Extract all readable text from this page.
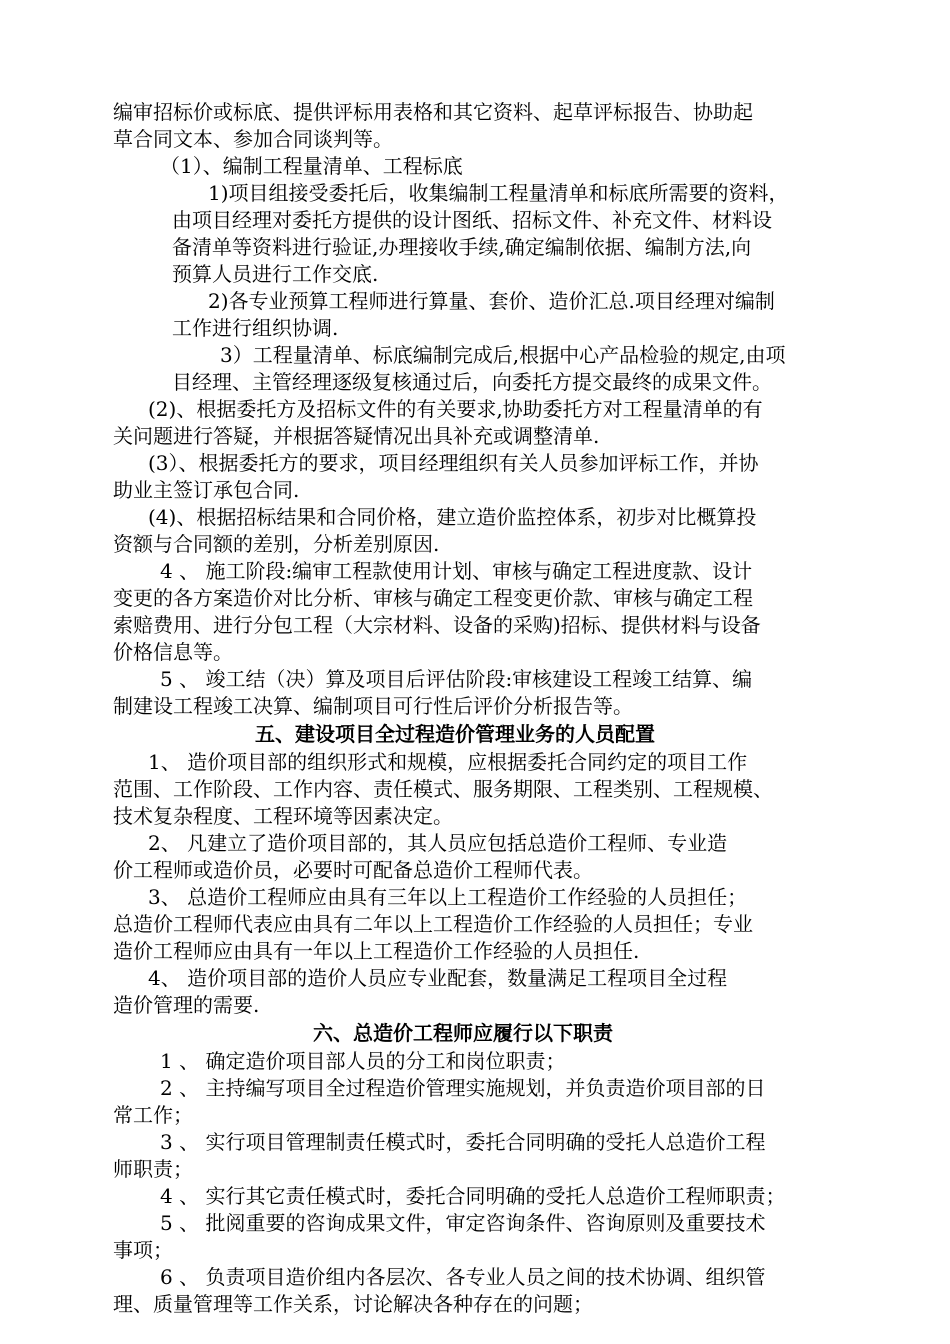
编审招标价或标底、提供评标用表格和其它资料、起草评标报告、协助起
草合同文本、参加合同谈判等。
（1）、编制工程量清单、工程标底
1)项目组接受委托后，收集编制工程量清单和标底所需要的资料，
由项目经理对委托方提供的设计图纸、招标文件、补充文件、材料设
备清单等资料进行验证,办理接收手续,确定编制依据、编制方法,向
预算人员进行工作交底.
2)各专业预算工程师进行算量、套价、造价汇总.项目经理对编制
工作进行组织协调.
3）工程量清单、标底编制完成后,根据中心产品检验的规定,由项
目经理、主管经理逐级复核通过后，向委托方提交最终的成果文件。
(2)、根据委托方及招标文件的有关要求,协助委托方对工程量清单的有
关问题进行答疑，并根据答疑情况出具补充或调整清单.
(3）、根据委托方的要求，项目经理组织有关人员参加评标工作，并协
助业主签订承包合同.
(4)、根据招标结果和合同价格，建立造价监控体系，初步对比概算投
资额与合同额的差别，分析差别原因.
4 、 施工阶段:编审工程款使用计划、审核与确定工程进度款、设计
变更的各方案造价对比分析、审核与确定工程变更价款、审核与确定工程
索赔费用、进行分包工程（大宗材料、设备的采购)招标、提供材料与设备
价格信息等。
5 、 竣工结（决）算及项目后评估阶段:审核建设工程竣工结算、编
制建设工程竣工决算、编制项目可行性后评价分析报告等。
五、建设项目全过程造价管理业务的人员配置
1、 造价项目部的组织形式和规模，应根据委托合同约定的项目工作
范围、工作阶段、工作内容、责任模式、服务期限、工程类别、工程规模、
技术复杂程度、工程环境等因素决定。
2、 凡建立了造价项目部的，其人员应包括总造价工程师、专业造
价工程师或造价员，必要时可配备总造价工程师代表。
3、 总造价工程师应由具有三年以上工程造价工作经验的人员担任；
总造价工程师代表应由具有二年以上工程造价工作经验的人员担任；专业
造价工程师应由具有一年以上工程造价工作经验的人员担任.
4、 造价项目部的造价人员应专业配套，数量满足工程项目全过程
造价管理的需要.
六、总造价工程师应履行以下职责
1 、 确定造价项目部人员的分工和岗位职责；
2 、 主持编写项目全过程造价管理实施规划，并负责造价项目部的日
常工作；
3 、 实行项目管理制责任模式时，委托合同明确的受托人总造价工程
师职责；
4 、 实行其它责任模式时，委托合同明确的受托人总造价工程师职责；
5 、 批阅重要的咨询成果文件，审定咨询条件、咨询原则及重要技术
事项；
6 、 负责项目造价组内各层次、各专业人员之间的技术协调、组织管
理、质量管理等工作关系，讨论解决各种存在的问题；
